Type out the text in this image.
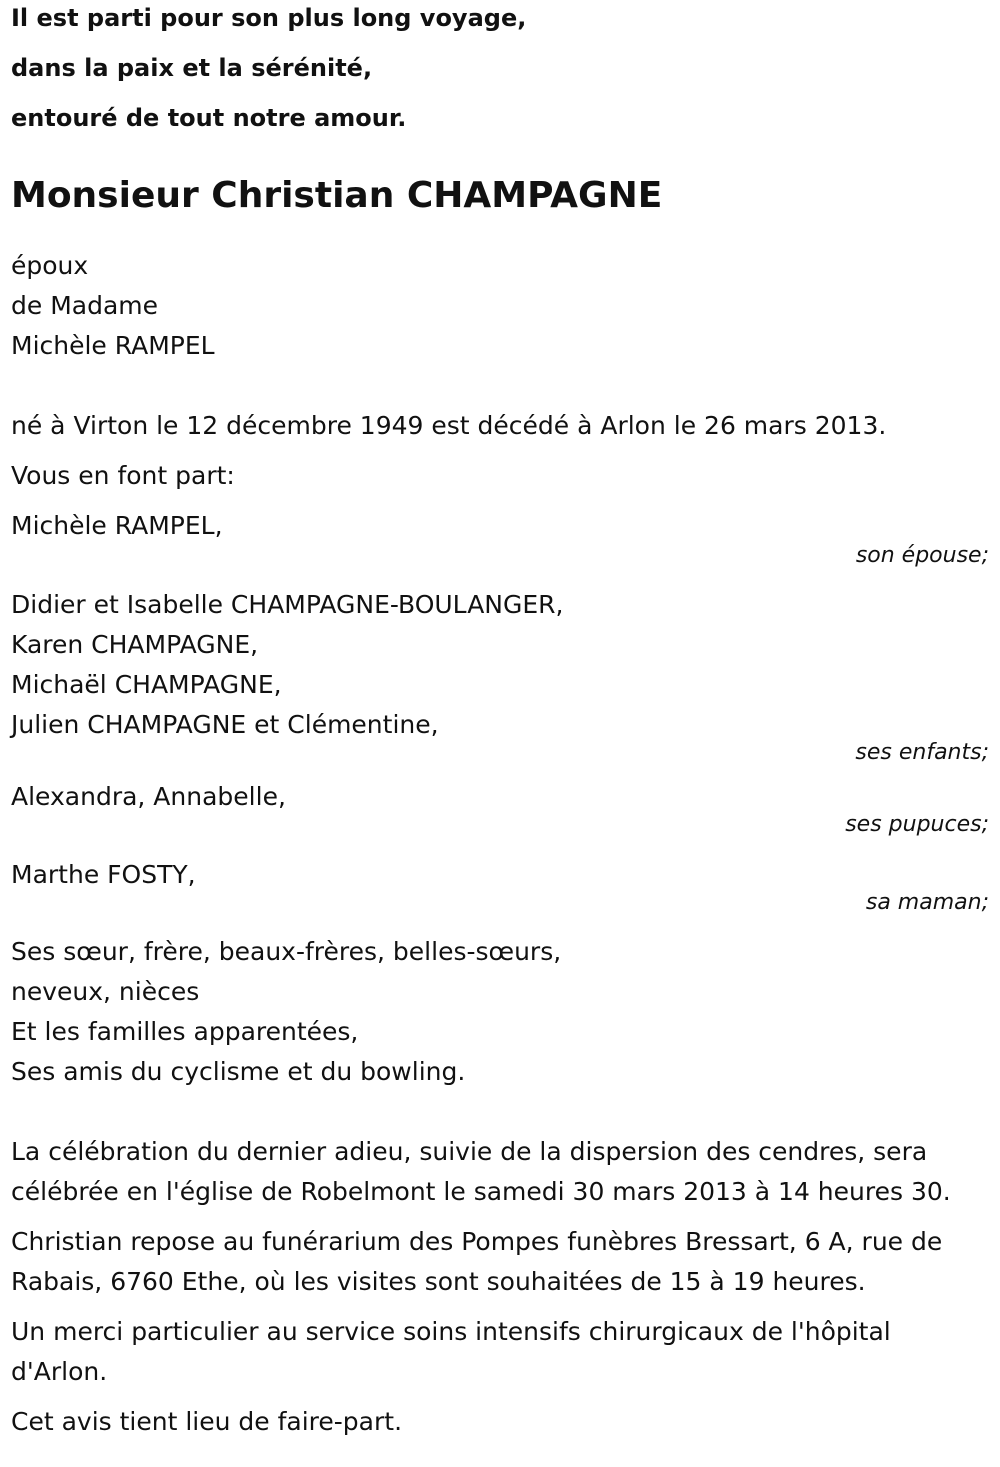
Il est parti pour son plus long voyage,
dans la paix et la sérénité,
entouré de tout notre amour.
Monsieur Christian CHAMPAGNE
époux
de Madame
Michèle RAMPEL
né à Virton le 12 décembre 1949 est décédé à Arlon le 26 mars 2013.
Vous en font part:
Michèle RAMPEL,
son épouse;
Didier et Isabelle CHAMPAGNE-BOULANGER,
Karen CHAMPAGNE,
Michaël CHAMPAGNE,
Julien CHAMPAGNE et Clémentine,
ses enfants;
Alexandra, Annabelle,
ses pupuces;
Marthe FOSTY,
sa maman;
Ses sœur, frère, beaux-frères, belles-sœurs,
neveux, nièces
Et les familles apparentées,
Ses amis du cyclisme et du bowling.
La célébration du dernier adieu, suivie de la dispersion des cendres, sera célébrée en l'église de Robelmont le samedi 30 mars 2013 à 14 heures 30.
Christian repose au funérarium des Pompes funèbres Bressart, 6 A, rue de Rabais, 6760 Ethe, où les visites sont souhaitées de 15 à 19 heures.
Un merci particulier au service soins intensifs chirurgicaux de l'hôpital d'Arlon.
Cet avis tient lieu de faire-part.
